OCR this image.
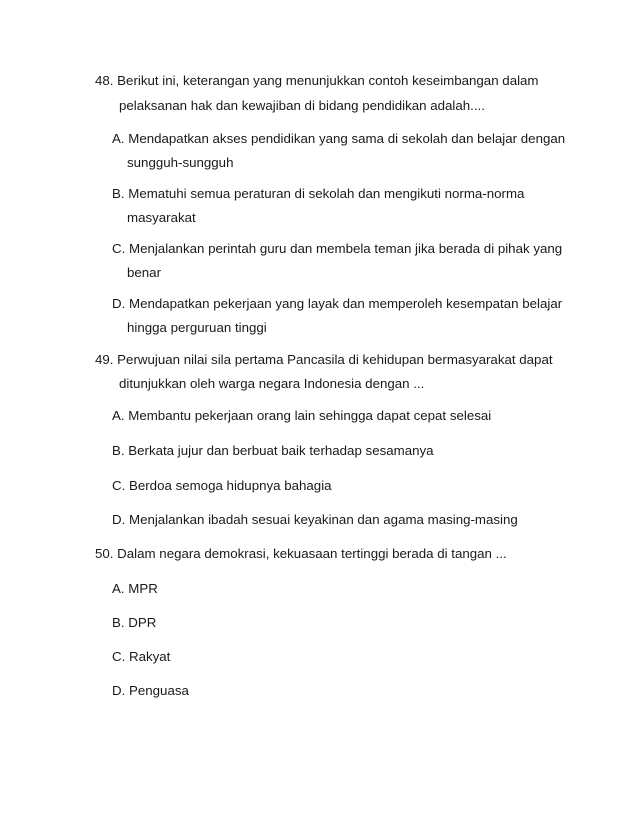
48. Berikut ini, keterangan yang menunjukkan contoh keseimbangan dalam
pelaksanan hak dan kewajiban di bidang pendidikan adalah....
A. Mendapatkan akses pendidikan yang sama di sekolah dan belajar dengan
sungguh-sungguh
B. Mematuhi semua peraturan di sekolah dan mengikuti norma-norma
masyarakat
C. Menjalankan perintah guru dan membela teman jika berada di pihak yang
benar
D. Mendapatkan pekerjaan yang layak dan memperoleh kesempatan belajar
hingga perguruan tinggi
49. Perwujuan nilai sila pertama Pancasila di kehidupan bermasyarakat dapat
ditunjukkan oleh warga negara Indonesia dengan ...
A. Membantu pekerjaan orang lain sehingga dapat cepat selesai
B. Berkata jujur dan berbuat baik terhadap sesamanya
C. Berdoa semoga hidupnya bahagia
D. Menjalankan ibadah sesuai keyakinan dan agama masing-masing
50. Dalam negara demokrasi, kekuasaan tertinggi berada di tangan ...
A. MPR
B. DPR
C. Rakyat
D. Penguasa
